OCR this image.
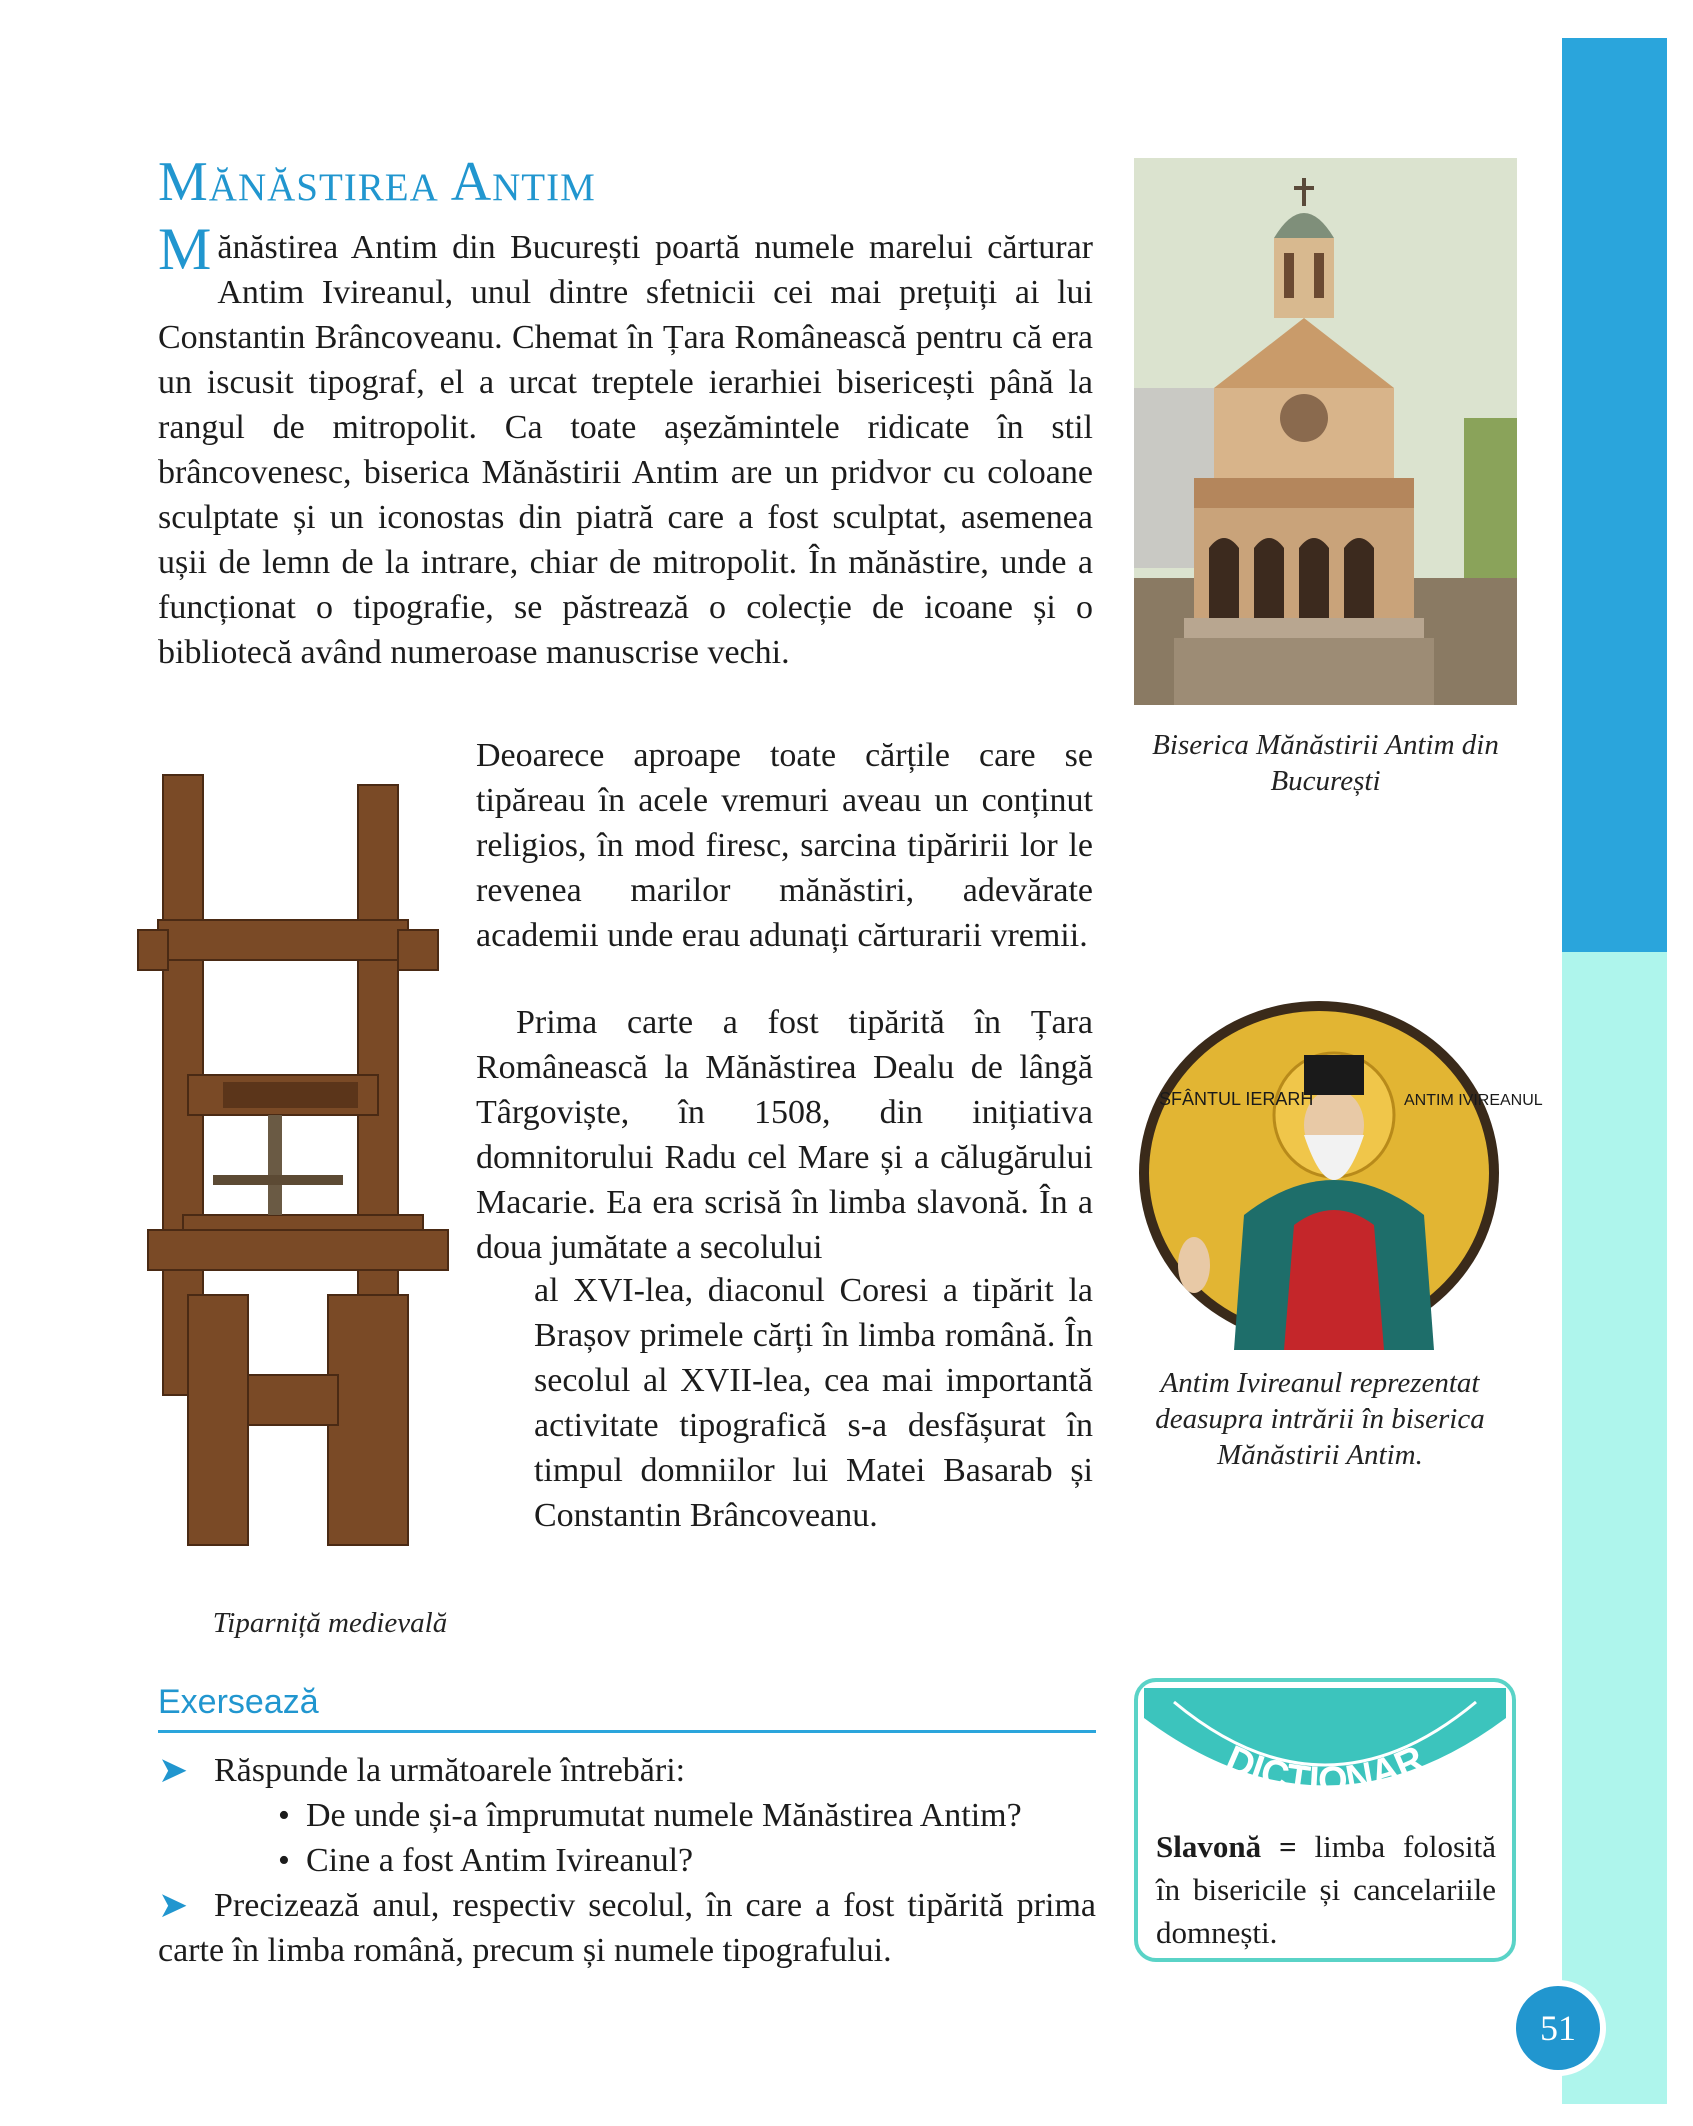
Mănăstirea Antim

Mănăstirea Antim din București poartă numele marelui cărturar Antim Ivireanul, unul dintre sfetnicii cei mai prețuiți ai lui Constantin Brâncoveanu. Chemat în Țara Românească pentru că era un iscusit tipograf, el a urcat treptele ierarhiei bisericești până la rangul de mitropolit. Ca toate așezămintele ridicate în stil brâncovenesc, biserica Mănăstirii Antim are un pridvor cu coloane sculptate și un iconostas din piatră care a fost sculptat, asemenea ușii de lemn de la intrare, chiar de mitropolit. În mănăstire, unde a funcționat o tipografie, se păstrează o colecție de icoane și o bibliotecă având numeroase manuscrise vechi.

Deoarece aproape toate cărțile care se tipăreau în acele vremuri aveau un conținut religios, în mod firesc, sarcina tipăririi lor le revenea marilor mănăstiri, adevărate academii unde erau adunați cărturarii vremii.

Prima carte a fost tipărită în Țara Românească la Mănăstirea Dealu de lângă Târgoviște, în 1508, din inițiativa domnitorului Radu cel Mare și a călugărului Macarie. Ea era scrisă în limba slavonă. În a doua jumătate a secolului

al XVI-lea, diaconul Coresi a tipărit la Brașov primele cărți în limba română. În secolul al XVII-lea, cea mai importantă activitate tipografică s-a desfășurat în timpul domniilor lui Matei Basarab și Constantin Brâncoveanu.

Biserica Mănăstirii Antim din București

Tiparniță medievală

SFÂNTUL IERARH	ANTIM IVIREANUL

Antim Ivireanul reprezentat deasupra intrării în biserica Mănăstirii Antim.

Exersează
➤ Răspunde la următoarele întrebări:
• De unde și-a împrumutat numele Mănăstirea Antim?
• Cine a fost Antim Ivireanul?
➤ Precizează anul, respectiv secolul, în care a fost tipărită prima carte în limba română, precum și numele tipografului.
DICȚIONAR

Slavonă = limba folosită în bisericile și cancelariile domnești.

51
